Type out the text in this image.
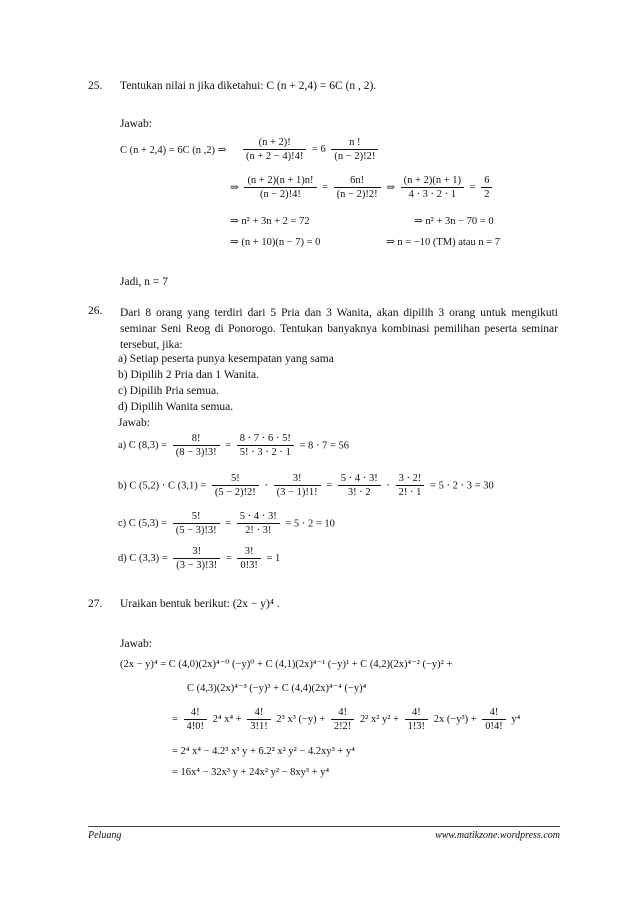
25. Tentukan nilai n jika diketahui: C (n + 2,4) = 6C (n , 2).
Jawab:
C (n + 2,4) = 6C (n ,2) ⇒ $\frac{(n + 2)!}{(n + 2 - 4)!4!} = 6 \frac{n !}{(n - 2)!2!}$
⇒ $\frac{(n + 2)(n + 1)n!}{(n - 2)!4!} = \frac{6n!}{(n - 2)!2!}$ ⇒ $\frac{(n + 2)(n + 1)}{4 \cdot 3 \cdot 2 \cdot 1} = \frac{6}{2}$
⇒ n² + 3n + 2 = 72	⇒ n² + 3n − 70 = 0
⇒ (n + 10)(n − 7) = 0	⇒ n = −10 (TM) atau n = 7
Jadi, n = 7
26. Dari 8 orang yang terdiri dari 5 Pria dan 3 Wanita, akan dipilih 3 orang untuk mengikuti seminar Seni Reog di Ponorogo. Tentukan banyaknya kombinasi pemilihan peserta seminar tersebut, jika:
a) Setiap peserta punya kesempatan yang sama
b) Dipilih 2 Pria dan 1 Wanita.
c) Dipilih Pria semua.
d) Dipilih Wanita semua.
Jawab:
a) C $(8,3) = \frac{8!}{(8 - 3)!3!} = \frac{8 \cdot 7 \cdot 6 \cdot 5!}{5! \cdot 3 \cdot 2 \cdot 1} = 8 \cdot 7 = 56$
b) C (5,2) ⋅ C $(3,1) = \frac{5!}{(5 - 2)!2!} \cdot \frac{3!}{(3 - 1)!1!} = \frac{5 \cdot 4 \cdot 3!}{3! \cdot 2} \cdot \frac{3 \cdot 2!}{2! \cdot 1} = 5 \cdot 2 \cdot 3 = 30$
c) C $(5,3) = \frac{5!}{(5 - 3)!3!} = \frac{5 \cdot 4 \cdot 3!}{2! \cdot 3!} = 5 \cdot 2 = 10$
d) C $(3,3) = \frac{3!}{(3 - 3)!3!} = \frac{3!}{0!3!} = 1$
27. Uraikan bentuk berikut: (2x − y)⁴ .
Jawab:
(2x − y)⁴ = C (4,0)(2x)⁴⁻⁰ (−y)⁰ + C (4,1)(2x)⁴⁻¹ (−y)¹ + C (4,2)(2x)⁴⁻² (−y)² +
C (4,3)(2x)⁴⁻³ (−y)³ + C (4,4)(2x)⁴⁻⁴ (−y)⁴
= $\frac{4!}{4!0!} 2^4$ $x^4 + \frac{4!}{3!1!} 2^3$ x³ $(-y) + \frac{4!}{2!2!} 2^2$ x² $y^2 + \frac{4!}{1!3!} 2x$ $(-y^3) + \frac{4!}{0!4!} y^4$
= 2⁴ x⁴ − 4.2³ x³ y + 6.2² x² y² − 4.2xy³ + y⁴
= 16x⁴ − 32x³ y + 24x² y² − 8xy³ + y⁴
Peluang	www.matikzone.wordpress.com
